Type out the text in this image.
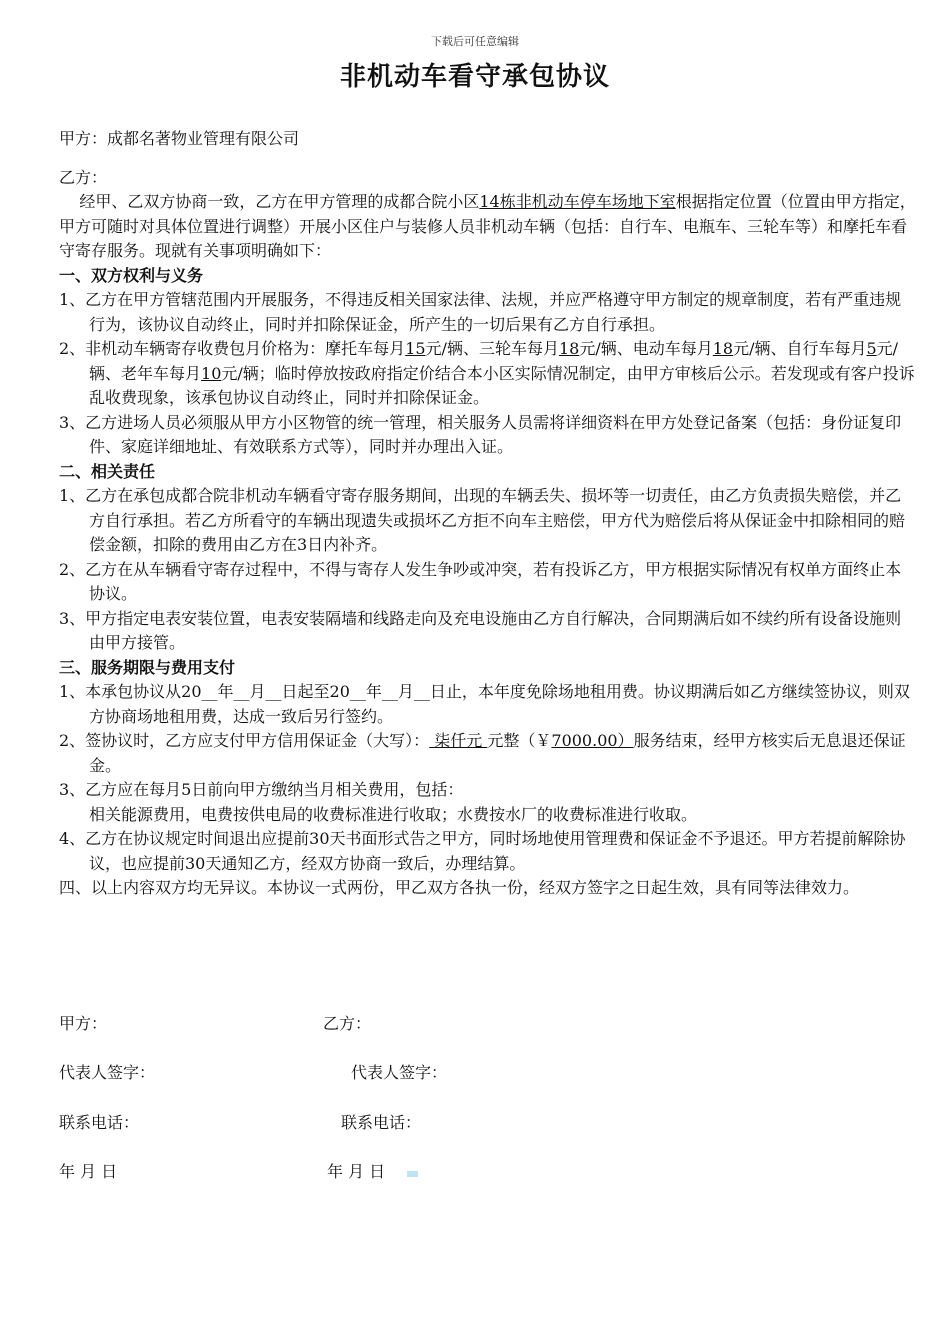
下载后可任意编辑
非机动车看守承包协议

甲方：成都名著物业管理有限公司

乙方：

经甲、乙双方协商一致，乙方在甲方管理的成都合院小区14栋非机动车停车场地下室根据指定位置（位置由甲方指定，甲方可随时对具体位置进行调整）开展小区住户与装修人员非机动车辆（包括：自行车、电瓶车、三轮车等）和摩托车看守寄存服务。现就有关事项明确如下：

一、双方权利与义务

1、乙方在甲方管辖范围内开展服务，不得违反相关国家法律、法规，并应严格遵守甲方制定的规章制度，若有严重违规行为，该协议自动终止，同时并扣除保证金，所产生的一切后果有乙方自行承担。

2、非机动车辆寄存收费包月价格为：摩托车每月15元/辆、三轮车每月18元/辆、电动车每月18元/辆、自行车每月5元/辆、老年车每月10元/辆；临时停放按政府指定价结合本小区实际情况制定，由甲方审核后公示。若发现或有客户投诉乱收费现象，该承包协议自动终止，同时并扣除保证金。

3、乙方进场人员必须服从甲方小区物管的统一管理，相关服务人员需将详细资料在甲方处登记备案（包括：身份证复印件、家庭详细地址、有效联系方式等），同时并办理出入证。

二、相关责任

1、乙方在承包成都合院非机动车辆看守寄存服务期间，出现的车辆丢失、损坏等一切责任，由乙方负责损失赔偿，并乙方自行承担。若乙方所看守的车辆出现遗失或损坏乙方拒不向车主赔偿，甲方代为赔偿后将从保证金中扣除相同的赔偿金额，扣除的费用由乙方在3日内补齐。

2、乙方在从车辆看守寄存过程中，不得与寄存人发生争吵或冲突，若有投诉乙方，甲方根据实际情况有权单方面终止本协议。

3、甲方指定电表安装位置，电表安装隔墙和线路走向及充电设施由乙方自行解决，合同期满后如不续约所有设备设施则由甲方接管。

三、服务期限与费用支付

1、本承包协议从20__年__月__日起至20__年__月__日止，本年度免除场地租用费。协议期满后如乙方继续签协议，则双方协商场地租用费，达成一致后另行签约。

2、签协议时，乙方应支付甲方信用保证金（大写）： 柒仟元 元整（￥7000.00）服务结束，经甲方核实后无息退还保证金。

3、乙方应在每月5日前向甲方缴纳当月相关费用，包括：

相关能源费用，电费按供电局的收费标准进行收取；水费按水厂的收费标准进行收取。

4、乙方在协议规定时间退出应提前30天书面形式告之甲方，同时场地使用管理费和保证金不予退还。甲方若提前解除协议，也应提前30天通知乙方，经双方协商一致后，办理结算。

四、以上内容双方均无异议。本协议一式两份，甲乙双方各执一份，经双方签字之日起生效，具有同等法律效力。

甲方：	乙方：
代表人签字：	代表人签字：
联系电话：	联系电话：
年 月 日	年 月 日
